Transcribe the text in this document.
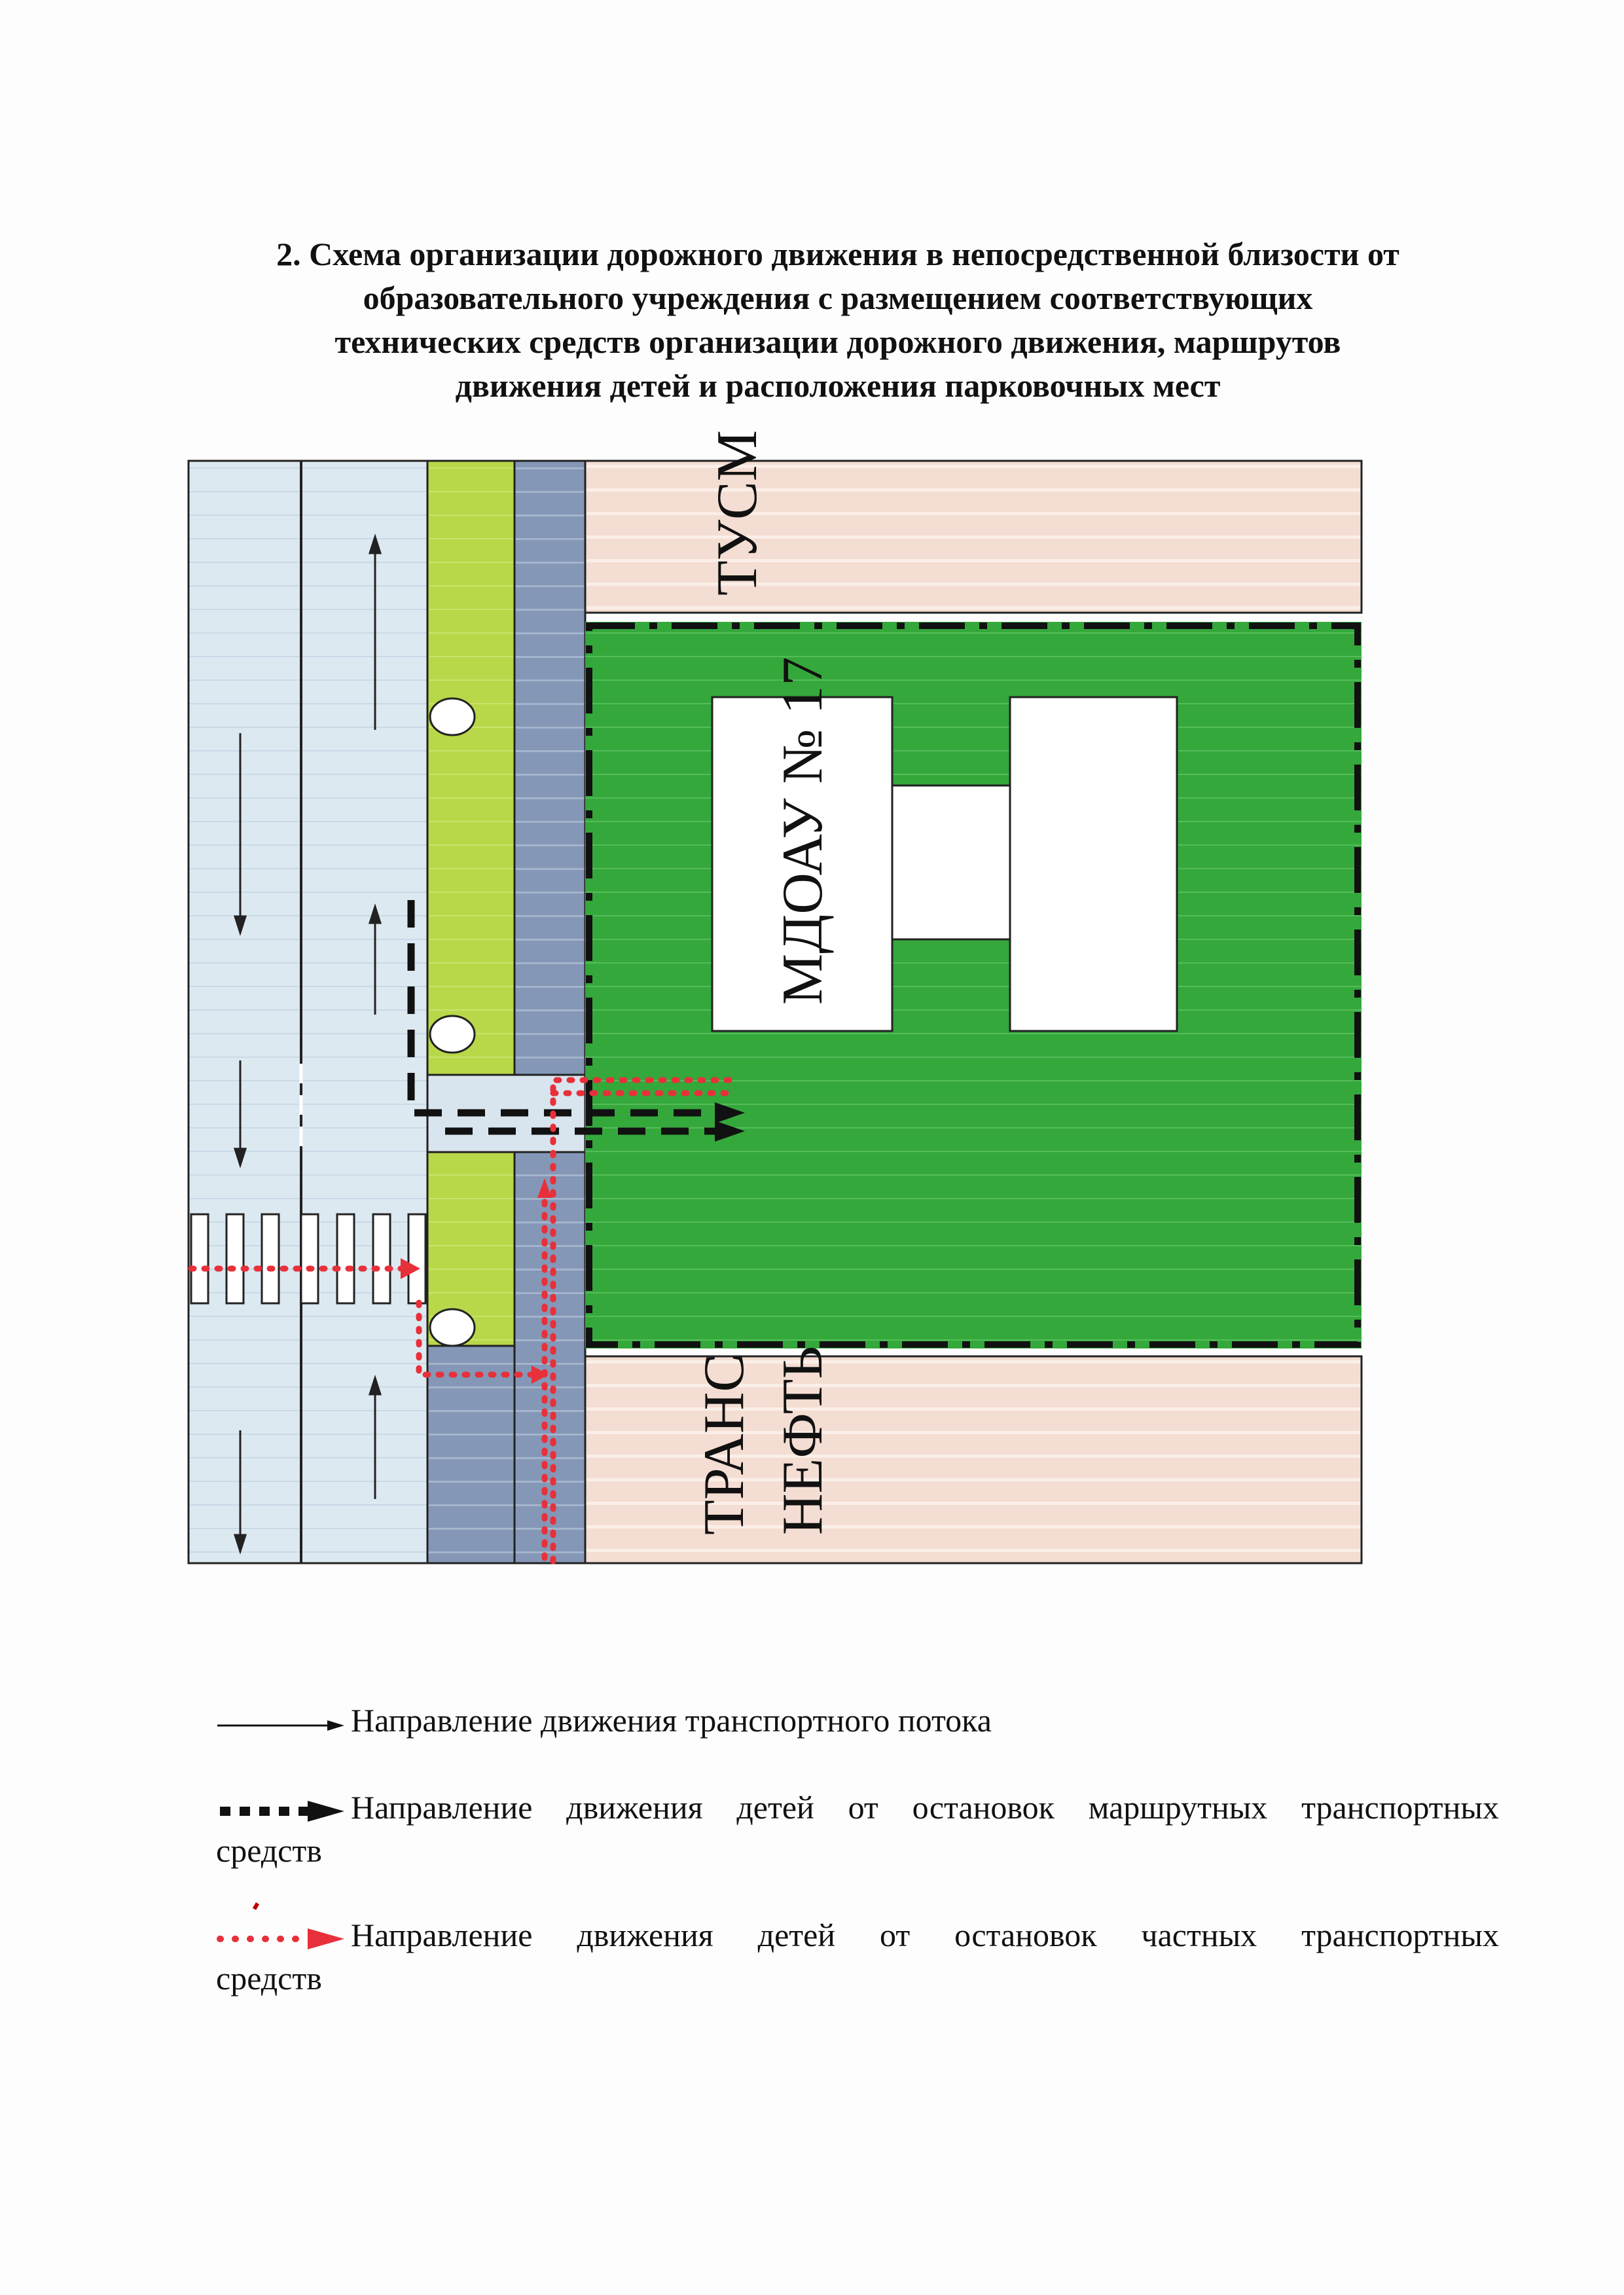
2. Схема организации дорожного движения в непосредственной близости от
образовательного учреждения с размещением соответствующих
технических средств организации дорожного движения, маршрутов
движения детей и расположения парковочных мест
ТУСМ
МДОАУ № 17
ТРАНС НЕФТЬ
Направление движения транспортного потока
Направление движения детей от остановок маршрутных транспортных
средств
Направление движения детей от остановок частных транспортных
средств
